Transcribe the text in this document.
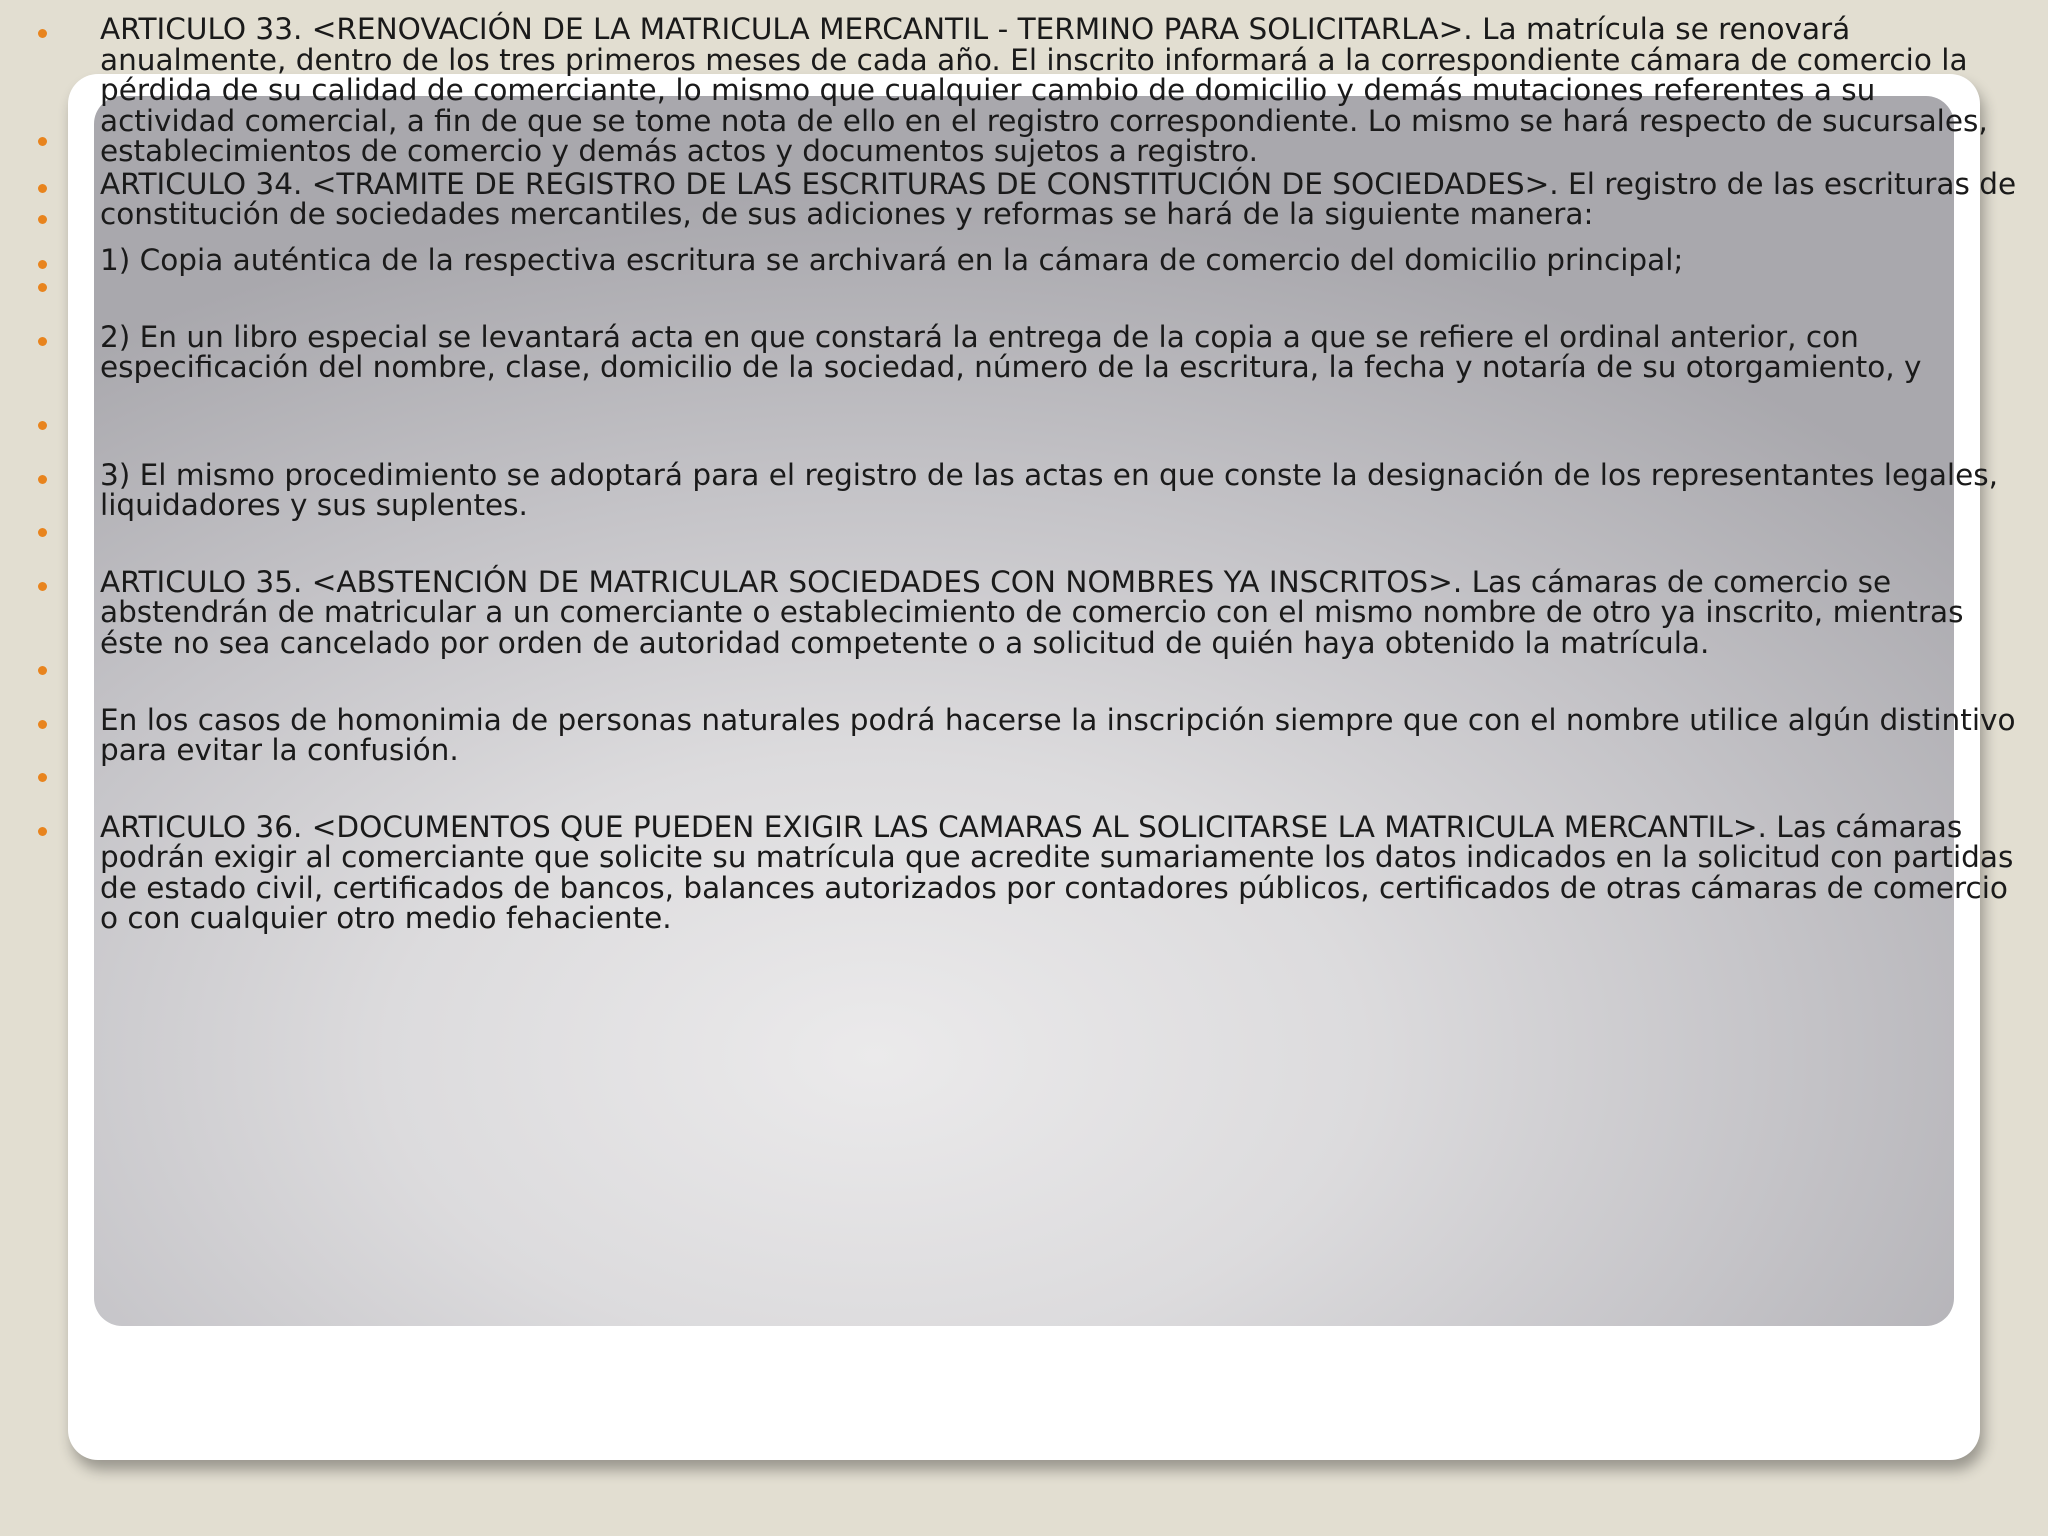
ARTICULO 33. <RENOVACIÓN DE LA MATRICULA MERCANTIL - TERMINO PARA SOLICITARLA>. La matrícula se renovará anualmente, dentro de los tres primeros meses de cada año. El inscrito informará a la correspondiente cámara de comercio la pérdida de su calidad de comerciante, lo mismo que cualquier cambio de domicilio y demás mutaciones referentes a su actividad comercial, a fin de que se tome nota de ello en el registro correspondiente. Lo mismo se hará respecto de sucursales, establecimientos de comercio y demás actos y documentos sujetos a registro.
ARTICULO 34. <TRAMITE DE REGISTRO DE LAS ESCRITURAS DE CONSTITUCIÓN DE SOCIEDADES>. El registro de las escrituras de constitución de sociedades mercantiles, de sus adiciones y reformas se hará de la siguiente manera:
1) Copia auténtica de la respectiva escritura se archivará en la cámara de comercio del domicilio principal;
2) En un libro especial se levantará acta en que constará la entrega de la copia a que se refiere el ordinal anterior, con especificación del nombre, clase, domicilio de la sociedad, número de la escritura, la fecha y notaría de su otorgamiento, y
3) El mismo procedimiento se adoptará para el registro de las actas en que conste la designación de los representantes legales, liquidadores y sus suplentes.
ARTICULO 35. <ABSTENCIÓN DE MATRICULAR SOCIEDADES CON NOMBRES YA INSCRITOS>. Las cámaras de comercio se abstendrán de matricular a un comerciante o establecimiento de comercio con el mismo nombre de otro ya inscrito, mientras éste no sea cancelado por orden de autoridad competente o a solicitud de quién haya obtenido la matrícula.
En los casos de homonimia de personas naturales podrá hacerse la inscripción siempre que con el nombre utilice algún distintivo para evitar la confusión.
ARTICULO 36. <DOCUMENTOS QUE PUEDEN EXIGIR LAS CAMARAS AL SOLICITARSE LA MATRICULA MERCANTIL>. Las cámaras podrán exigir al comerciante que solicite su matrícula que acredite sumariamente los datos indicados en la solicitud con partidas de estado civil, certificados de bancos, balances autorizados por contadores públicos, certificados de otras cámaras de comercio o con cualquier otro medio fehaciente.
